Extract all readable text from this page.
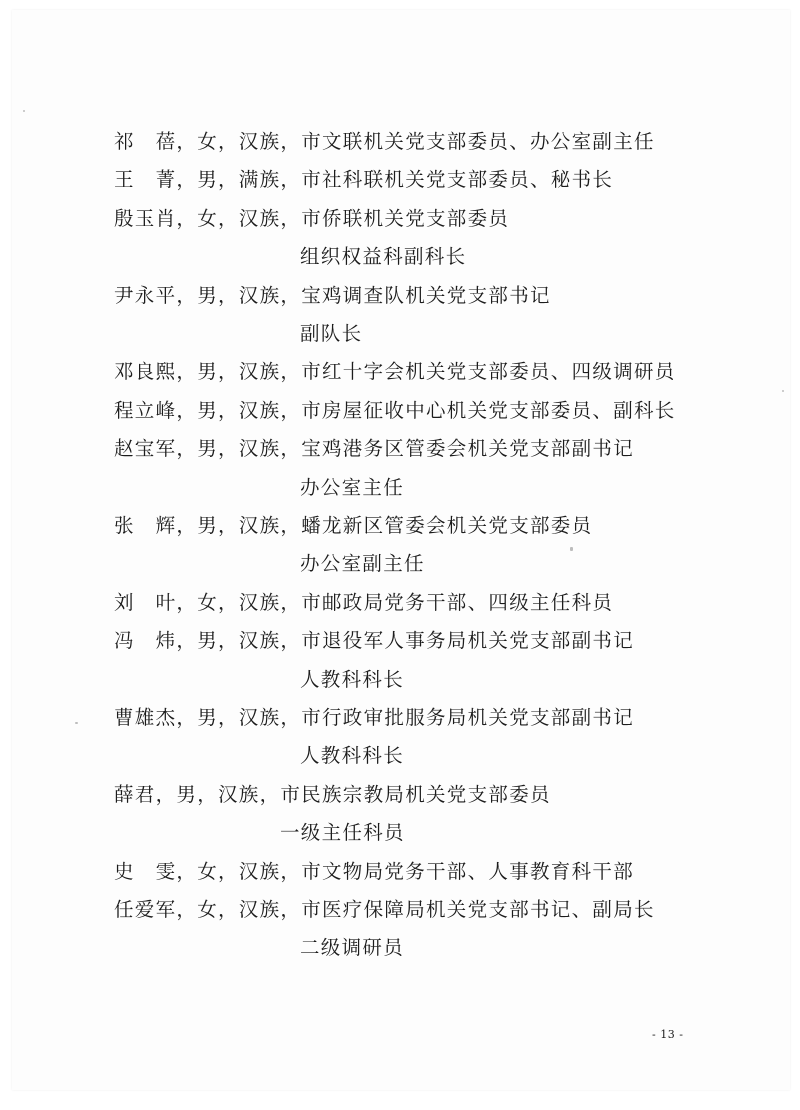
祁　蓓，女，汉族，市文联机关党支部委员、办公室副主任
王　菁，男，满族，市社科联机关党支部委员、秘书长
殷玉肖，女，汉族，市侨联机关党支部委员
组织权益科副科长
尹永平，男，汉族，宝鸡调查队机关党支部书记
副队长
邓良熙，男，汉族，市红十字会机关党支部委员、四级调研员
程立峰，男，汉族，市房屋征收中心机关党支部委员、副科长
赵宝军，男，汉族，宝鸡港务区管委会机关党支部副书记
办公室主任
张　辉，男，汉族，蟠龙新区管委会机关党支部委员
办公室副主任
刘　叶，女，汉族，市邮政局党务干部、四级主任科员
冯　炜，男，汉族，市退役军人事务局机关党支部副书记
人教科科长
曹雄杰，男，汉族，市行政审批服务局机关党支部副书记
人教科科长
薛君，男，汉族，市民族宗教局机关党支部委员
一级主任科员
史　雯，女，汉族，市文物局党务干部、人事教育科干部
任爱军，女，汉族，市医疗保障局机关党支部书记、副局长
二级调研员
- 13 -
